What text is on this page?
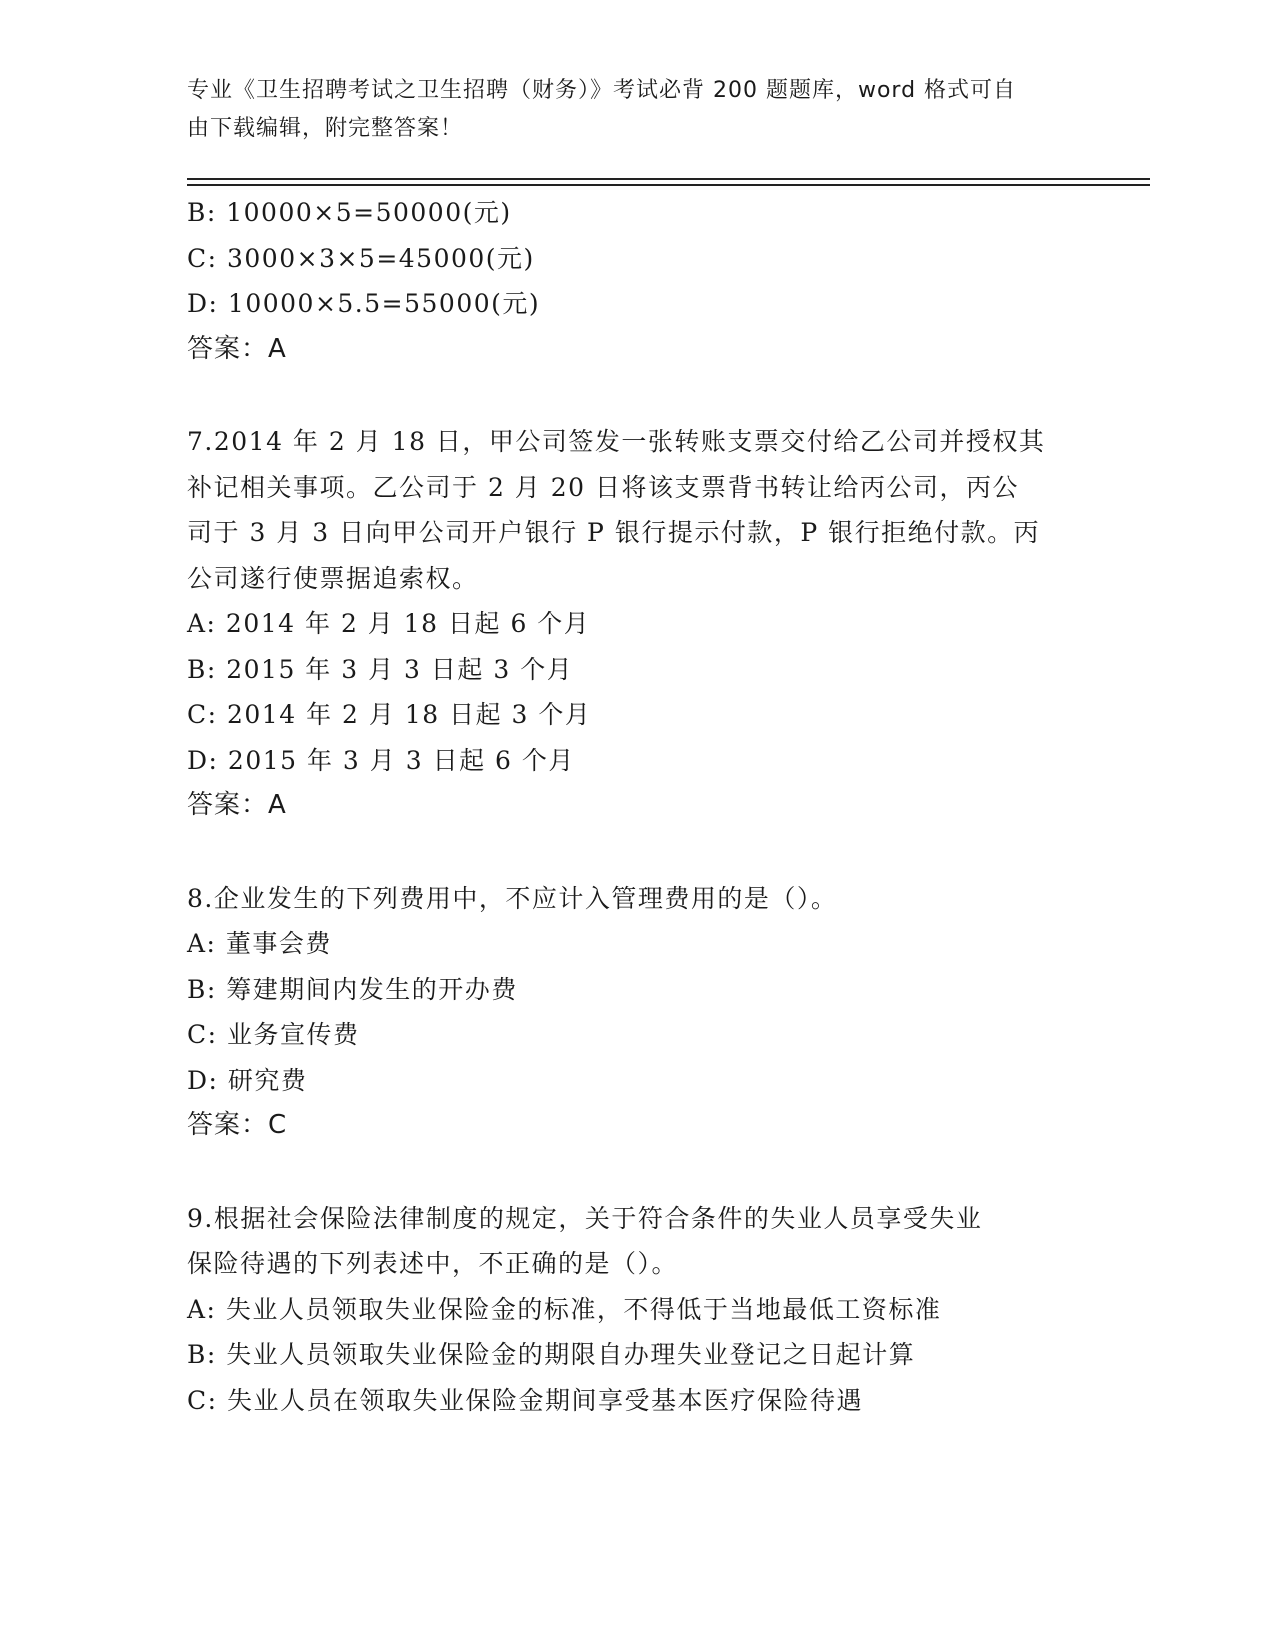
专业《卫生招聘考试之卫生招聘（财务）》考试必背 200 题题库，word 格式可自
由下载编辑，附完整答案！

B: 10000×5=50000(元)

C: 3000×3×5=45000(元)

D: 10000×5.5=55000(元)

答案：A

7.2014 年 2 月 18 日，甲公司签发一张转账支票交付给乙公司并授权其

补记相关事项。乙公司于 2 月 20 日将该支票背书转让给丙公司，丙公

司于 3 月 3 日向甲公司开户银行 P 银行提示付款，P 银行拒绝付款。丙

公司遂行使票据追索权。

A: 2014 年 2 月 18 日起 6 个月

B: 2015 年 3 月 3 日起 3 个月

C: 2014 年 2 月 18 日起 3 个月

D: 2015 年 3 月 3 日起 6 个月

答案：A

8.企业发生的下列费用中，不应计入管理费用的是（）。

A: 董事会费

B: 筹建期间内发生的开办费

C: 业务宣传费

D: 研究费

答案：C

9.根据社会保险法律制度的规定，关于符合条件的失业人员享受失业

保险待遇的下列表述中，不正确的是（）。

A: 失业人员领取失业保险金的标准，不得低于当地最低工资标准

B: 失业人员领取失业保险金的期限自办理失业登记之日起计算

C: 失业人员在领取失业保险金期间享受基本医疗保险待遇
